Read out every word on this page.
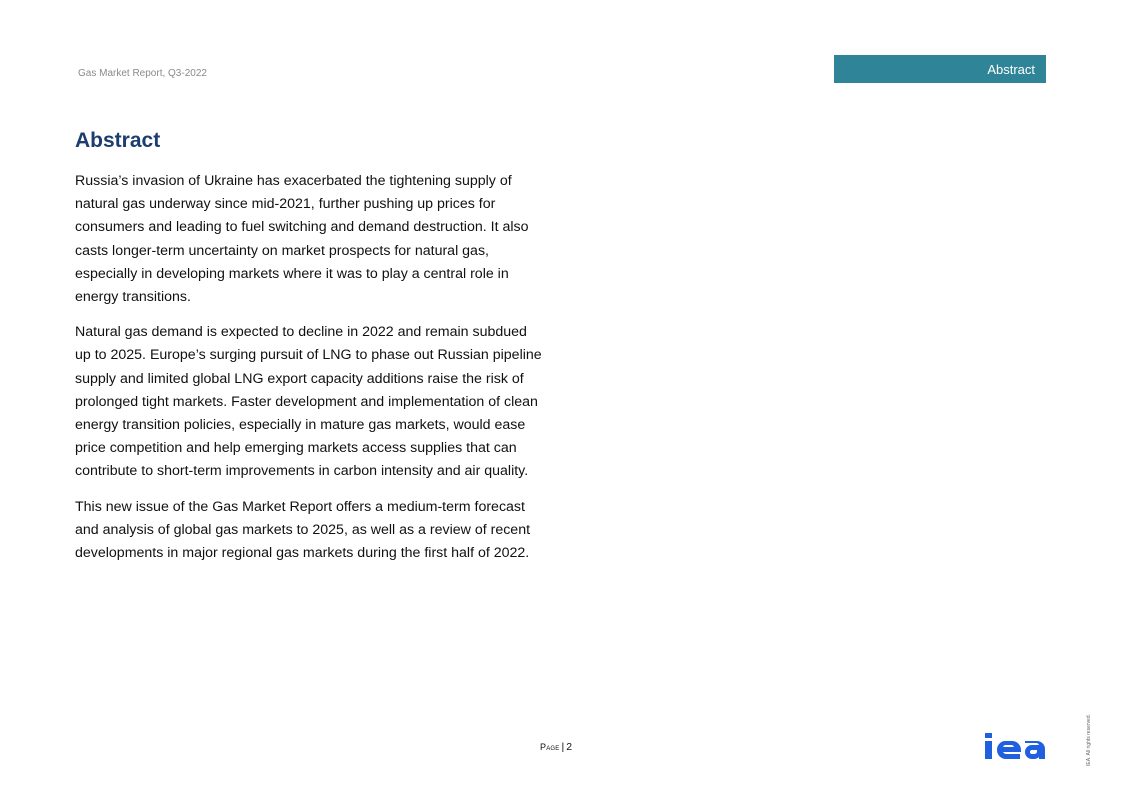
Gas Market Report, Q3-2022	Abstract
Abstract

Russia’s invasion of Ukraine has exacerbated the tightening supply of natural gas underway since mid-2021, further pushing up prices for consumers and leading to fuel switching and demand destruction. It also casts longer-term uncertainty on market prospects for natural gas, especially in developing markets where it was to play a central role in energy transitions.

Natural gas demand is expected to decline in 2022 and remain subdued up to 2025. Europe’s surging pursuit of LNG to phase out Russian pipeline supply and limited global LNG export capacity additions raise the risk of prolonged tight markets. Faster development and implementation of clean energy transition policies, especially in mature gas markets, would ease price competition and help emerging markets access supplies that can contribute to short-term improvements in carbon intensity and air quality.

This new issue of the Gas Market Report offers a medium-term forecast and analysis of global gas markets to 2025, as well as a review of recent developments in major regional gas markets during the first half of 2022.

Page | 2	IEA. All rights reserved.
